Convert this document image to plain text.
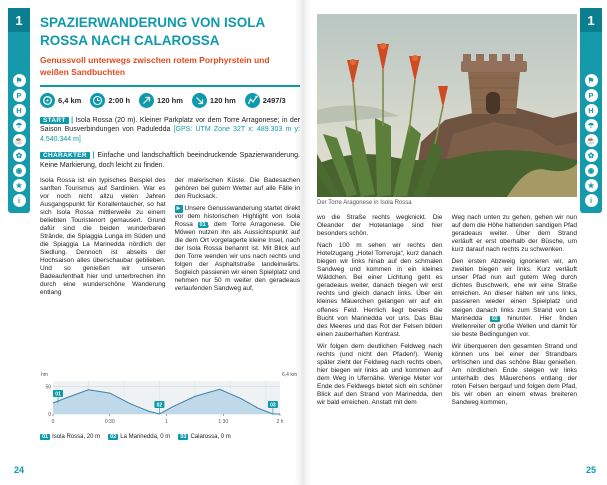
1
⚑
P
H
☂
☕
✿
◉
★
i
SPAZIERWANDERUNG VON ISOLA ROSSA NACH CALAROSSA

Genussvoll unterwegs zwischen rotem Porphyrstein und weißen Sandbuchten

6,4 km	2:00 h	120 hm	120 hm	2497/3

START | Isola Rossa (20 m). Kleiner Parkplatz vor dem Torre Arragonese; in der Saison Busverbindungen von Paduledda [GPS: UTM Zone 32T x: 489.303 m y: 4.540.344 m]

CHARAKTER | Einfache und landschaftlich beeindruckende Spazierwanderung. Keine Markierung, doch leicht zu finden.

Isola Rossa ist ein typisches Beispiel des sanften Tourismus auf Sardinien. War es vor noch nicht allzu vielen Jahren Ausgangspunkt für Korallentaucher, so hat sich Isola Rossa mittlerweile zu einem beliebten Touristenort gemausert. Grund dafür sind die beiden wunderbaren Strände, die Spiaggia Lunga im Süden und die Spiaggia La Marinedda nördlich der Siedlung. Dennoch ist abseits der Hochsaison alles überschaubar geblieben. Und so genießen wir unseren Badeaufenthalt hier und unterbrechen ihn durch eine wunderschöne Wanderung entlang

der malerischen Küste. Die Badesachen gehören bei gutem Wetter auf alle Fälle in den Rucksack.

▶ Unsere Genusswanderung startet direkt vor dem historischen Highlight von Isola Rossa 01 , dem Torre Arragonese. Die Möwen nutzen ihn als Aussichtspunkt auf die dem Ort vorgelagerte kleine Insel, nach der Isola Rossa benannt ist. Mit Blick auf den Torre wenden wir uns nach rechts und folgen der Asphaltstraße landeinwärts. Sogleich passieren wir einen Spielplatz und nehmen nur 50 m weiter den geradeaus verlaufenden Sandweg auf,

0
50
0	0:30	1	1:30	2 h
hm	6,4 km
01
02	03
01 Isola Rossa, 20 m	02 La Marinedda, 0 m	03 Calarossa, 0 m
24
Der Torre Aragonese in Isola Rossa

wo die Straße rechts wegknickt. Die Oleander der Hotelanlage sind hier besonders schön.

Nach 100 m sehen wir rechts den Hotelzugang „Hotel Torreruja“, kurz danach biegen wir links hinab auf den schmalen Sandweg und kommen in ein kleines Wäldchen. Bei einer Lichtung geht es geradeaus weiter, danach biegen wir erst rechts und gleich danach links. Über ein kleines Mäuerchen gelangen wir auf ein offenes Feld. Herrlich liegt bereits die Bucht von Marinedda vor uns. Das Blau des Meeres und das Rot der Felsen bilden einen zauberhaften Kontrast.

Wir folgen dem deutlichen Feldweg nach rechts (und nicht den Pfaden!). Wenig später zieht der Feldweg nach rechts oben, hier biegen wir links ab und kommen auf dem Weg in Ufernähe. Wenige Meter vor Ende des Feldwegs bietet sich ein schöner Blick auf den Strand von Marinedda, den wir bald erreichen. Anstatt mit dem

Weg nach unten zu gehen, gehen wir nun auf dem die Höhe haltenden sandigen Pfad geradeaus weiter. Über dem Strand verläuft er erst oberhalb der Büsche, um kurz darauf nach rechts zu schwenken.

Den ersten Abzweig ignorieren wir, am zweiten biegen wir links. Kurz verläuft unser Pfad nun auf gutem Weg durch dichtes Buschwerk, ehe wir eine Straße erreichen. An dieser halten wir uns links, passieren wieder einen Spielplatz und steigen danach links zum Strand von La Marinedda 02 hinunter. Hier finden Wellenreiter oft große Wellen und damit für sie beste Bedingungen vor.

Wir überqueren den gesamten Strand und können uns bei einer der Strandbars erfrischen und das schöne Blau genießen. Am nördlichen Ende steigen wir links unterhalb des Mäuerchens entlang der roten Felsen bergauf und folgen dem Pfad, bis wir oben an einem etwas breiteren Sandweg kommen,

1
⚑
P
H
☂
☕
✿
◉
★
i
25
